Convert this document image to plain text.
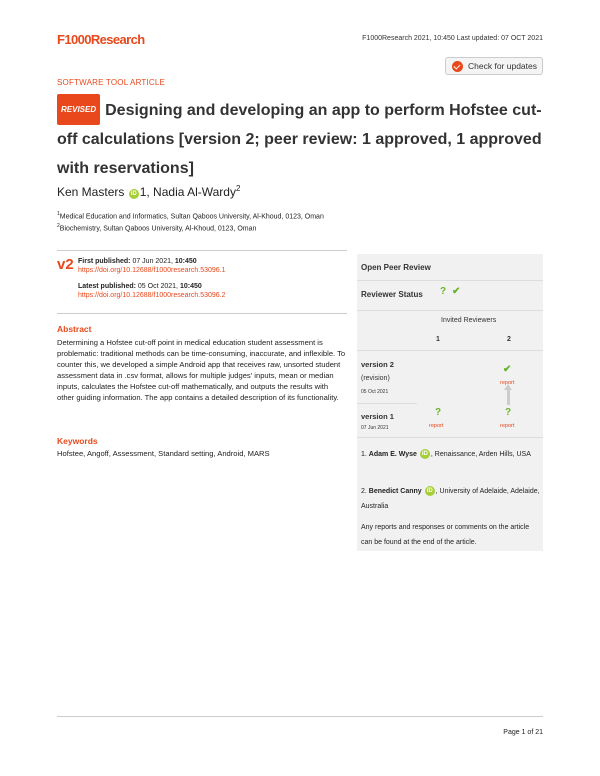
F1000Research	F1000Research 2021, 10:450 Last updated: 07 OCT 2021
Check for updates
SOFTWARE TOOL ARTICLE
REVISED Designing and developing an app to perform Hofstee cut-off calculations [version 2; peer review: 1 approved, 1 approved with reservations]
Ken Masters iD 1, Nadia Al-Wardy$^2$
$^1$Medical Education and Informatics, Sultan Qaboos University, Al-Khoud, 0123, Oman
$^2$Biochemistry, Sultan Qaboos University, Al-Khoud, 0123, Oman
v2 First published: 07 Jun 2021, 10:450
https://doi.org/10.12688/f1000research.53096.1
Latest published: 05 Oct 2021, 10:450
https://doi.org/10.12688/f1000research.53096.2
Abstract
Determining a Hofstee cut-off point in medical education student assessment is problematic: traditional methods can be time-consuming, inaccurate, and inflexible. To counter this, we developed a simple Android app that receives raw, unsorted student assessment data in .csv format, allows for multiple judges' inputs, mean or median inputs, calculates the Hofstee cut-off mathematically, and outputs the results with other guiding information. The app contains a detailed description of its functionality.
Keywords
Hofstee, Angoff, Assessment, Standard setting, Android, MARS
Open Peer Review
Reviewer Status ? ✔
Invited Reviewers
1	2
version 2
(revision)
05 Oct 2021
✔
report
version 1
07 Jun 2021
?
report
?
report
1. Adam E. Wyse iD , Renaissance, Arden Hills, USA
2. Benedict Canny iD , University of Adelaide, Adelaide, Australia
Any reports and responses or comments on the article can be found at the end of the article.
Page 1 of 21
